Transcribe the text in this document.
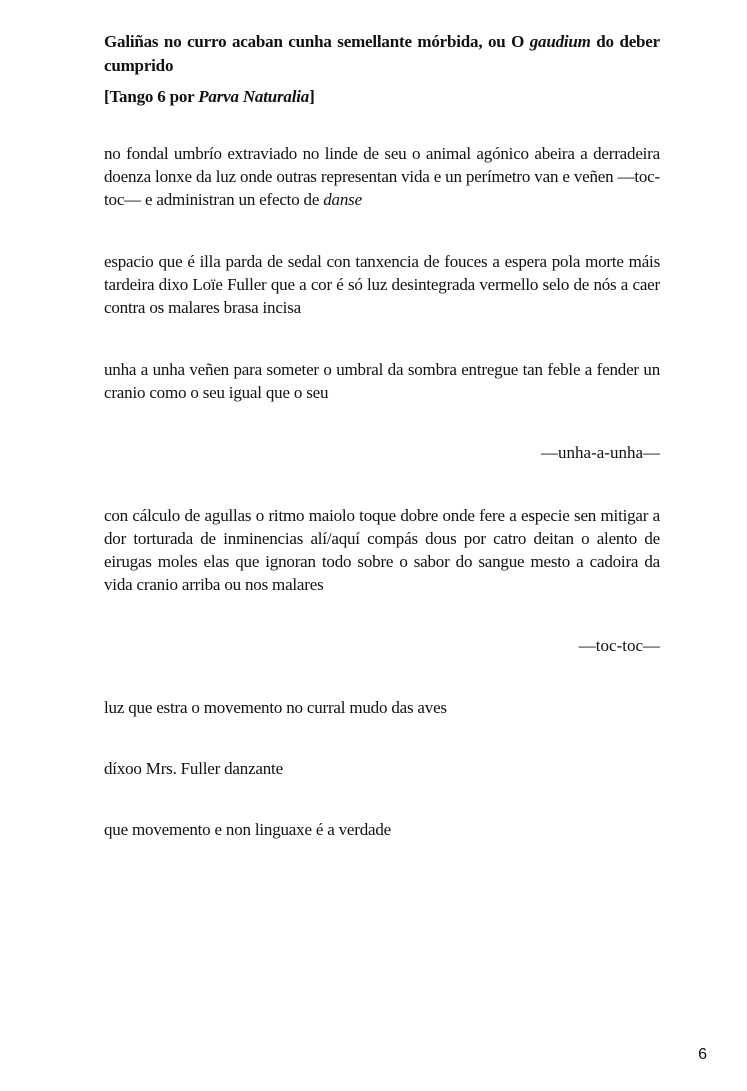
Galiñas no curro acaban cunha semellante mórbida, ou O gaudium do deber cumprido
[Tango 6 por Parva Naturalia]
no fondal umbrío extraviado no linde de seu o animal agónico abeira a derradeira doenza lonxe da luz onde outras representan vida e un perímetro van e veñen —toc-toc— e administran un efecto de danse
espacio que é illa parda de sedal con tanxencia de fouces a espera pola morte máis tardeira dixo Loïe Fuller que a cor é só luz desintegrada vermello selo de nós a caer contra os malares brasa incisa
unha a unha veñen para someter o umbral da sombra entregue tan feble a fender un cranio como o seu igual que o seu
—unha-a-unha—
con cálculo de agullas o ritmo maiolo toque dobre onde fere a especie sen mitigar a dor torturada de inminencias alí/aquí compás dous por catro deitan o alento de eirugas moles elas que ignoran todo sobre o sabor do sangue mesto a cadoira da vida cranio arriba ou nos malares
—toc-toc—
luz que estra o movemento no curral mudo das aves
díxoo Mrs. Fuller danzante
que movemento e non linguaxe é a verdade
6
